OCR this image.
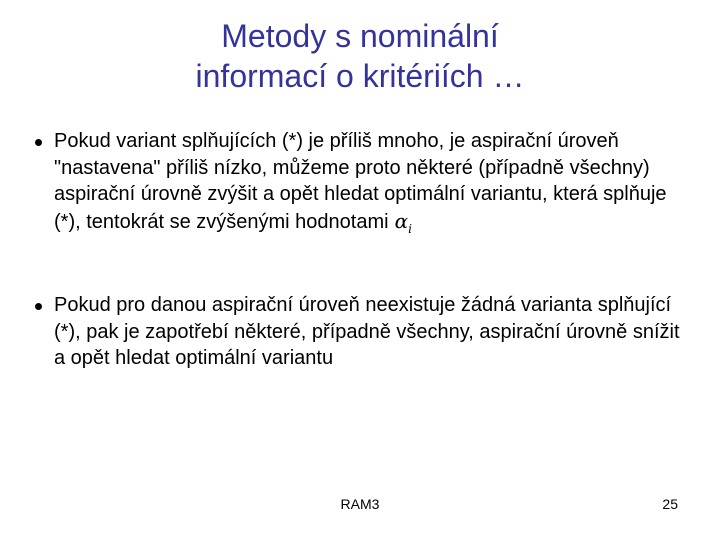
Metody s nominální
informací o kritériích …
Pokud variant splňujících (*) je příliš mnoho, je aspirační úroveň "nastavena" příliš nízko, můžeme proto některé (případně všechny) aspirační úrovně zvýšit a opět hledat optimální variantu, která splňuje (*), tentokrát se zvýšenými hodnotami $\alpha_i$
Pokud pro danou aspirační úroveň neexistuje žádná varianta splňující (*), pak je zapotřebí některé, případně všechny, aspirační úrovně snížit a opět hledat optimální variantu
RAM3	25
